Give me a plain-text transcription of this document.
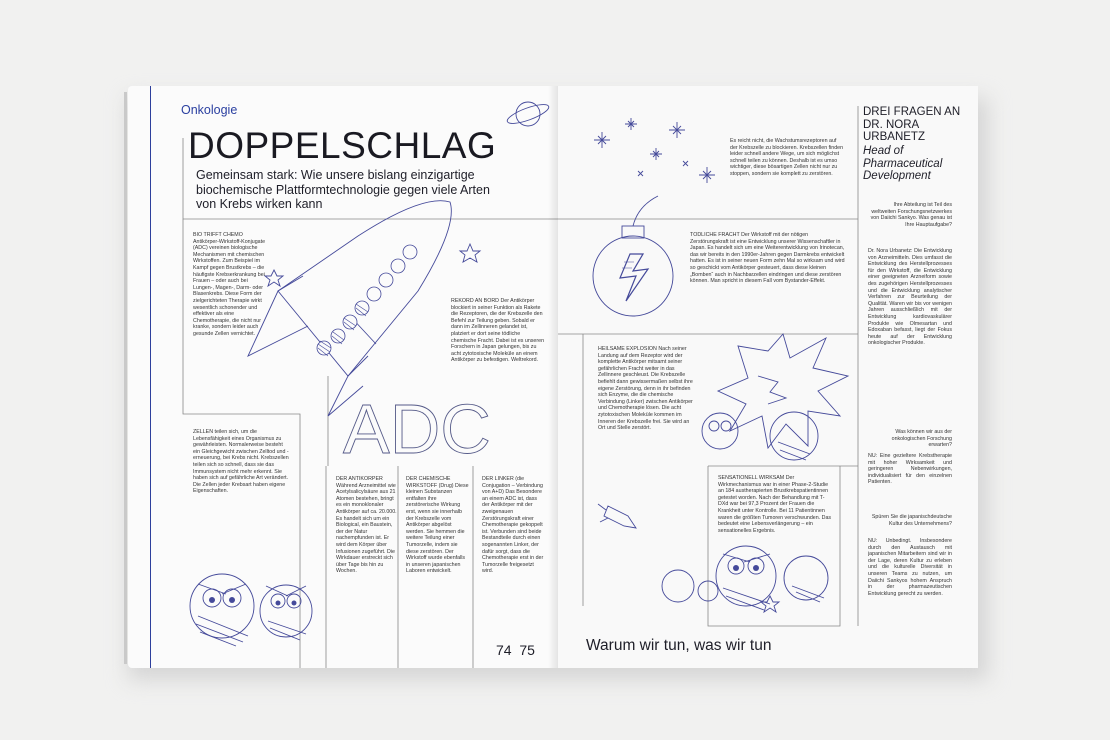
Onkologie
DOPPELSCHLAG
Gemeinsam stark: Wie unsere bislang einzigartige biochemische Plattformtechnologie gegen viele Arten von Krebs wirken kann
ADC
BIO TRIFFT CHEMO Antikörper-Wirkstoff-Konjugate (ADC) vereinen biologische Mechanismen mit chemischen Wirkstoffen. Zum Beispiel im Kampf gegen Brustkrebs – die häufigste Krebserkrankung bei Frauen – oder auch bei Lungen-, Magen-, Darm- oder Blasenkrebs. Diese Form der zielgerichteten Therapie wirkt wesentlich schonender und effektiver als eine Chemotherapie, die nicht nur kranke, sondern leider auch gesunde Zellen vernichtet.
REKORD AN BORD Der Antikörper blockiert in seiner Funktion als Rakete die Rezeptoren, die der Krebszelle den Befehl zur Teilung geben. Sobald er dann im Zellinneren gelandet ist, platziert er dort seine tödliche chemische Fracht. Dabei ist es unseren Forschern in Japan gelungen, bis zu acht zytotoxische Moleküle an einem Antikörper zu befestigen. Weltrekord.
ZELLEN teilen sich, um die Lebensfähigkeit eines Organismus zu gewährleisten. Normalerweise besteht ein Gleichgewicht zwischen Zelltod und -erneuerung, bei Krebs nicht. Krebszellen teilen sich so schnell, dass sie das Immunsystem nicht mehr erkennt. Sie haben sich auf gefährliche Art verändert. Die Zellen jeder Krebsart haben eigene Eigenschaften.
DER ANTIKÖRPER Während Arzneimittel wie Acetylsalicylsäure aus 21 Atomen bestehen, bringt es ein monoklonaler Antikörper auf ca. 20.000. Es handelt sich um ein Biological, ein Baustein, der der Natur nachempfunden ist. Er wird dem Körper über Infusionen zugeführt. Die Wirkdauer erstreckt sich über Tage bis hin zu Wochen.
DER CHEMISCHE WIRKSTOFF (Drug) Diese kleinen Substanzen entfalten ihre zerstörerische Wirkung erst, wenn sie innerhalb der Krebszelle vom Antikörper abgelöst werden. Sie hemmen die weitere Teilung einer Tumorzelle, indem sie diese zerstören. Der Wirkstoff wurde ebenfalls in unseren japanischen Laboren entwickelt.
DER LINKER (die Conjugation – Verbindung von A+D) Das Besondere an einem ADC ist, dass der Antikörper mit der zweigenauen Zerstörungskraft einer Chemotherapie gekoppelt ist. Verbunden sind beide Bestandteile durch einen sogenannten Linker, der dafür sorgt, dass die Chemotherapie erst in der Tumorzelle freigesetzt wird.
74  75
Es reicht nicht, die Wachstumsrezeptoren auf der Krebszelle zu blockieren. Krebszellen finden leider schnell andere Wege, um sich möglichst schnell teilen zu können. Deshalb ist es umso wichtiger, diese bösartigen Zellen nicht nur zu stoppen, sondern sie komplett zu zerstören.
TÖDLICHE FRACHT Der Wirkstoff mit der nötigen Zerstörungskraft ist eine Entwicklung unserer Wissenschaftler in Japan. Es handelt sich um eine Weiterentwicklung von Irinotecan, das wir bereits in den 1990er-Jahren gegen Darmkrebs entwickelt hatten. Es ist in seiner neuen Form zehn Mal so wirksam und wird so geschickt vom Antikörper gesteuert, dass diese kleinen „Bomben“ auch in Nachbarzellen eindringen und diese zerstören können. Man spricht in diesem Fall vom Bystander-Effekt.
HEILSAME EXPLOSION Nach seiner Landung auf dem Rezeptor wird der komplette Antikörper mitsamt seiner gefährlichen Fracht weiter in das Zellinnere geschleust. Die Krebszelle befiehlt dann gewissermaßen selbst ihre eigene Zerstörung, denn in ihr befinden sich Enzyme, die die chemische Verbindung (Linker) zwischen Antikörper und Chemotherapie lösen. Die acht zytotoxischen Moleküle kommen im Inneren der Krebszelle frei. Sie wird an Ort und Stelle zerstört.
SENSATIONELL WIRKSAM Der Wirkmechanismus war in einer Phase-2-Studie an 184 austherapierten Brustkrebspatientinnen getestet worden. Nach der Behandlung mit T-DXd war bei 97,3 Prozent der Frauen die Krankheit unter Kontrolle. Bei 11 Patientinnen waren die größten Tumoren verschwunden. Das bedeutet eine Lebensverlängerung – ein sensationelles Ergebnis.
DREI FRAGEN AN DR. NORA URBANETZ
Head of Pharmaceutical Development
Ihre Abteilung ist Teil des weltweiten Forschungsnetzwerkes von Daiichi Sankyo. Was genau ist Ihre Hauptaufgabe?
Dr. Nora Urbanetz: Die Entwicklung von Arzneimitteln. Dies umfasst die Entwicklung des Herstellprozesses für den Wirkstoff, die Entwicklung einer geeigneten Arzneiform sowie des zugehörigen Herstellprozesses und die Entwicklung analytischer Verfahren zur Beurteilung der Qualität. Waren wir bis vor wenigen Jahren ausschließlich mit der Entwicklung kardiovaskulärer Produkte wie Olmesartan und Edoxaban befasst, liegt der Fokus heute auf der Entwicklung onkologischer Produkte.
Was können wir aus der onkologischen Forschung erwarten?
NU: Eine gezieltere Krebstherapie mit hoher Wirksamkeit und geringeren Nebenwirkungen, individualisiert für den einzelnen Patienten.
Spüren Sie die japanischdeutsche Kultur des Unternehmens?
NU: Unbedingt. Insbesondere durch den Austausch mit japanischen Mitarbeitern sind wir in der Lage, deren Kultur zu erleben und die kulturelle Diversität in unseren Teams zu nutzen, um Daiichi Sankyos hohem Anspruch in der pharmazeutischen Entwicklung gerecht zu werden.
Warum wir tun, was wir tun
